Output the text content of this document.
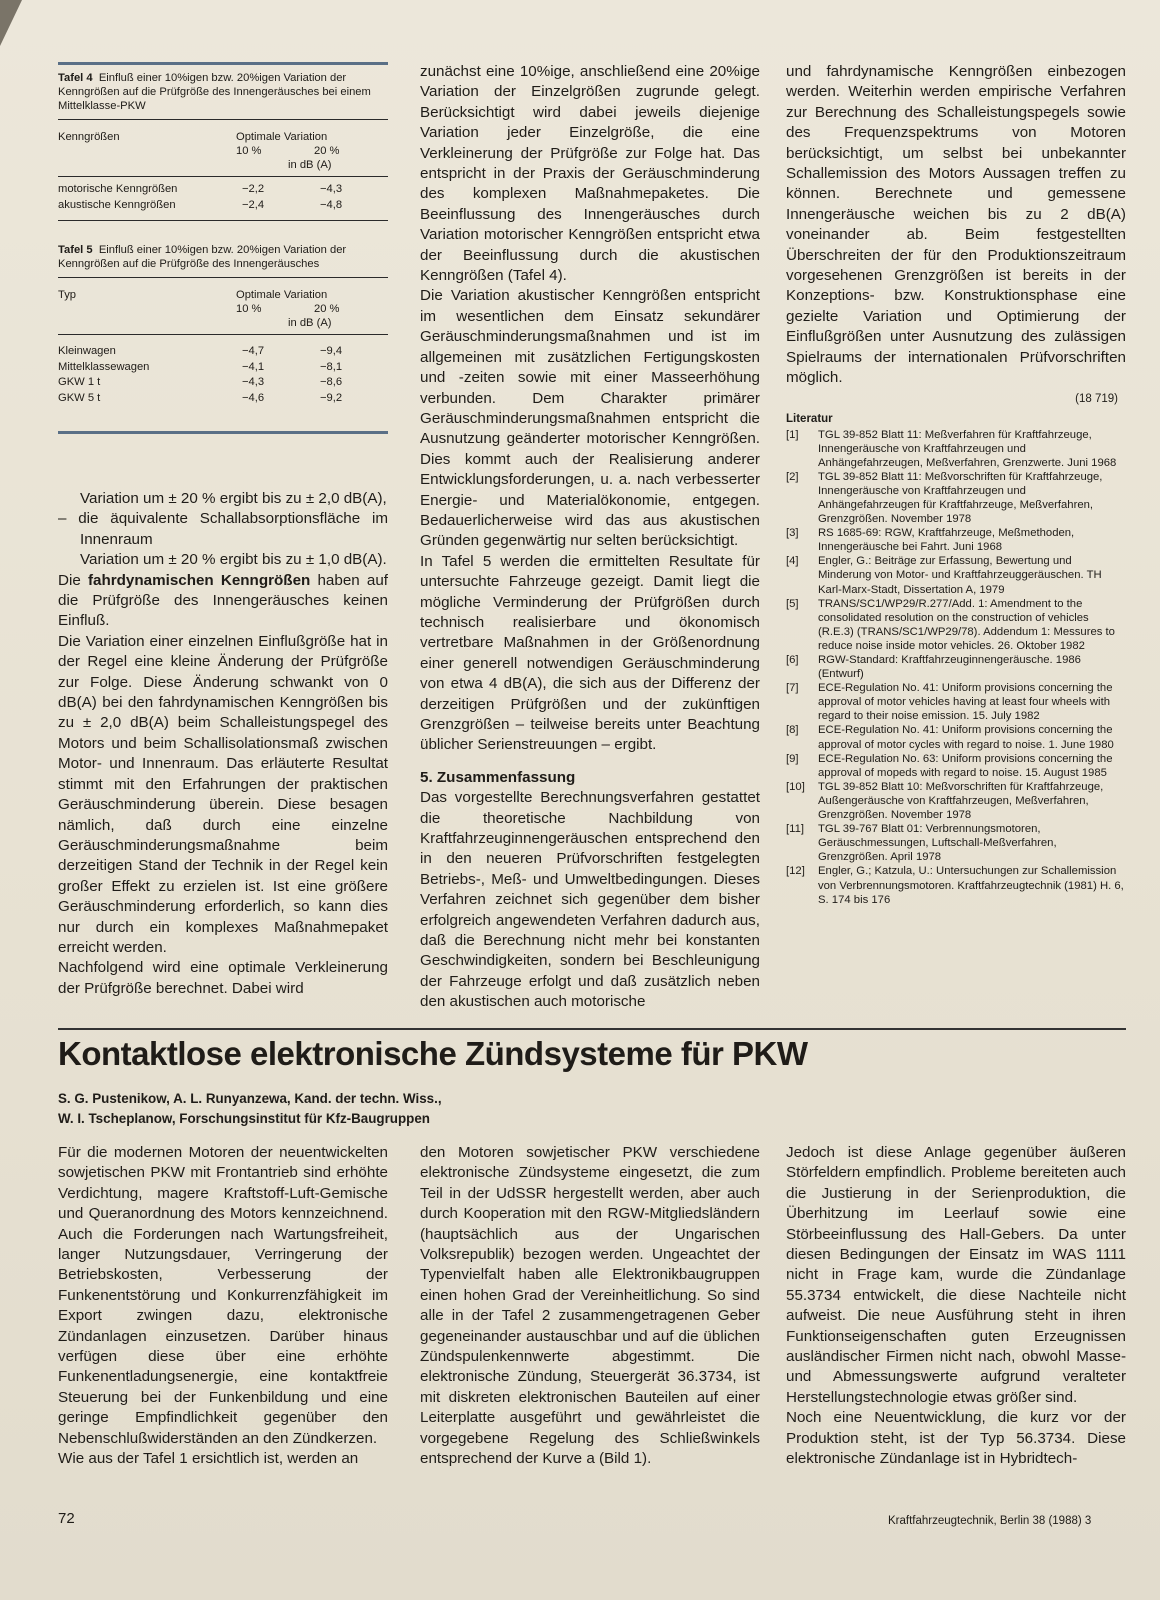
Tafel 4 Einfluß einer 10%igen bzw. 20%igen Variation der Kenngrößen auf die Prüfgröße des Innengeräusches bei einem Mittelklasse-PKW

Kenngrößen	Optimale Variation
10 %	20 %
in dB (A)
motorische Kenngrößen	−2,2	−4,3
akustische Kenngrößen	−2,4	−4,8

Tafel 5 Einfluß einer 10%igen bzw. 20%igen Variation der Kenngrößen auf die Prüfgröße des Innengeräusches

Typ	Optimale Variation
10 %	20 %
in dB (A)
Kleinwagen	−4,7	−9,4
Mittelklassewagen	−4,1	−8,1
GKW 1 t	−4,3	−8,6
GKW 5 t	−4,6	−9,2

Variation um ± 20 % ergibt bis zu ± 2,0 dB(A),

– die äquivalente Schallabsorptionsfläche im Innenraum

Variation um ± 20 % ergibt bis zu ± 1,0 dB(A).

Die fahrdynamischen Kenngrößen haben auf die Prüfgröße des Innengeräusches keinen Einfluß.

Die Variation einer einzelnen Einflußgröße hat in der Regel eine kleine Änderung der Prüfgröße zur Folge. Diese Änderung schwankt von 0 dB(A) bei den fahrdynamischen Kenngrößen bis zu ± 2,0 dB(A) beim Schalleistungspegel des Motors und beim Schallisolationsmaß zwischen Motor- und Innenraum. Das erläuterte Resultat stimmt mit den Erfahrungen der praktischen Geräuschminderung überein. Diese besagen nämlich, daß durch eine einzelne Geräuschminderungsmaßnahme beim derzeitigen Stand der Technik in der Regel kein großer Effekt zu erzielen ist. Ist eine größere Geräuschminderung erforderlich, so kann dies nur durch ein komplexes Maßnahmepaket erreicht werden.

Nachfolgend wird eine optimale Verkleinerung der Prüfgröße berechnet. Dabei wird

zunächst eine 10%ige, anschließend eine 20%ige Variation der Einzelgrößen zugrunde gelegt. Berücksichtigt wird dabei jeweils diejenige Variation jeder Einzelgröße, die eine Verkleinerung der Prüfgröße zur Folge hat. Das entspricht in der Praxis der Geräuschminderung des komplexen Maßnahmepaketes. Die Beeinflussung des Innengeräusches durch Variation motorischer Kenngrößen entspricht etwa der Beeinflussung durch die akustischen Kenngrößen (Tafel 4).

Die Variation akustischer Kenngrößen entspricht im wesentlichen dem Einsatz sekundärer Geräuschminderungsmaßnahmen und ist im allgemeinen mit zusätzlichen Fertigungskosten und -zeiten sowie mit einer Masseerhöhung verbunden. Dem Charakter primärer Geräuschminderungsmaßnahmen entspricht die Ausnutzung geänderter motorischer Kenngrößen. Dies kommt auch der Realisierung anderer Entwicklungsforderungen, u. a. nach verbesserter Energie- und Materialökonomie, entgegen. Bedauerlicherweise wird das aus akustischen Gründen gegenwärtig nur selten berücksichtigt.

In Tafel 5 werden die ermittelten Resultate für untersuchte Fahrzeuge gezeigt. Damit liegt die mögliche Verminderung der Prüfgrößen durch technisch realisierbare und ökonomisch vertretbare Maßnahmen in der Größenordnung einer generell notwendigen Geräuschminderung von etwa 4 dB(A), die sich aus der Differenz der derzeitigen Prüfgrößen und der zukünftigen Grenzgrößen – teilweise bereits unter Beachtung üblicher Serienstreuungen – ergibt.

5. Zusammenfassung

Das vorgestellte Berechnungsverfahren gestattet die theoretische Nachbildung von Kraftfahrzeuginnengeräuschen entsprechend den in den neueren Prüfvorschriften festgelegten Betriebs-, Meß- und Umweltbedingungen. Dieses Verfahren zeichnet sich gegenüber dem bisher erfolgreich angewendeten Verfahren dadurch aus, daß die Berechnung nicht mehr bei konstanten Geschwindigkeiten, sondern bei Beschleunigung der Fahrzeuge erfolgt und daß zusätzlich neben den akustischen auch motorische

und fahrdynamische Kenngrößen einbezogen werden. Weiterhin werden empirische Verfahren zur Berechnung des Schalleistungspegels sowie des Frequenzspektrums von Motoren berücksichtigt, um selbst bei unbekannter Schallemission des Motors Aussagen treffen zu können. Berechnete und gemessene Innengeräusche weichen bis zu 2 dB(A) voneinander ab. Beim festgestellten Überschreiten der für den Produktionszeitraum vorgesehenen Grenzgrößen ist bereits in der Konzeptions- bzw. Konstruktionsphase eine gezielte Variation und Optimierung der Einflußgrößen unter Ausnutzung des zulässigen Spielraums der internationalen Prüfvorschriften möglich.

(18 719)

Literatur

[1] TGL 39-852 Blatt 11: Meßverfahren für Kraftfahrzeuge, Innengeräusche von Kraftfahrzeugen und Anhängefahrzeugen, Meßverfahren, Grenzwerte. Juni 1968
[2] TGL 39-852 Blatt 11: Meßvorschriften für Kraftfahrzeuge, Innengeräusche von Kraftfahrzeugen und Anhängefahrzeugen für Kraftfahrzeuge, Meßverfahren, Grenzgrößen. November 1978
[3] RS 1685-69: RGW, Kraftfahrzeuge, Meßmethoden, Innengeräusche bei Fahrt. Juni 1968
[4] Engler, G.: Beiträge zur Erfassung, Bewertung und Minderung von Motor- und Kraftfahrzeuggeräuschen. TH Karl-Marx-Stadt, Dissertation A, 1979
[5] TRANS/SC1/WP29/R.277/Add. 1: Amendment to the consolidated resolution on the construction of vehicles (R.E.3) (TRANS/SC1/WP29/78). Addendum 1: Messures to reduce noise inside motor vehicles. 26. Oktober 1982
[6] RGW-Standard: Kraftfahrzeuginnengeräusche. 1986 (Entwurf)
[7] ECE-Regulation No. 41: Uniform provisions concerning the approval of motor vehicles having at least four wheels with regard to their noise emission. 15. July 1982
[8] ECE-Regulation No. 41: Uniform provisions concerning the approval of motor cycles with regard to noise. 1. June 1980
[9] ECE-Regulation No. 63: Uniform provisions concerning the approval of mopeds with regard to noise. 15. August 1985
[10] TGL 39-852 Blatt 10: Meßvorschriften für Kraftfahrzeuge, Außengeräusche von Kraftfahrzeugen, Meßverfahren, Grenzgrößen. November 1978
[11] TGL 39-767 Blatt 01: Verbrennungsmotoren, Geräuschmessungen, Luftschall-Meßverfahren, Grenzgrößen. April 1978
[12] Engler, G.; Katzula, U.: Untersuchungen zur Schallemission von Verbrennungsmotoren. Kraftfahrzeugtechnik (1981) H. 6, S. 174 bis 176
Kontaktlose elektronische Zündsysteme für PKW
S. G. Pustenikow, A. L. Runyanzewa, Kand. der techn. Wiss.,
W. I. Tscheplanow, Forschungsinstitut für Kfz-Baugruppen

Für die modernen Motoren der neuentwickelten sowjetischen PKW mit Frontantrieb sind erhöhte Verdichtung, magere Kraftstoff-Luft-Gemische und Queranordnung des Motors kennzeichnend. Auch die Forderungen nach Wartungsfreiheit, langer Nutzungsdauer, Verringerung der Betriebskosten, Verbesserung der Funkenentstörung und Konkurrenzfähigkeit im Export zwingen dazu, elektronische Zündanlagen einzusetzen. Darüber hinaus verfügen diese über eine erhöhte Funkenentladungsenergie, eine kontaktfreie Steuerung bei der Funkenbildung und eine geringe Empfindlichkeit gegenüber den Nebenschlußwiderständen an den Zündkerzen.

Wie aus der Tafel 1 ersichtlich ist, werden an

den Motoren sowjetischer PKW verschiedene elektronische Zündsysteme eingesetzt, die zum Teil in der UdSSR hergestellt werden, aber auch durch Kooperation mit den RGW-Mitgliedsländern (hauptsächlich aus der Ungarischen Volksrepublik) bezogen werden. Ungeachtet der Typenvielfalt haben alle Elektronikbaugruppen einen hohen Grad der Vereinheitlichung. So sind alle in der Tafel 2 zusammengetragenen Geber gegeneinander austauschbar und auf die üblichen Zündspulenkennwerte abgestimmt. Die elektronische Zündung, Steuergerät 36.3734, ist mit diskreten elektronischen Bauteilen auf einer Leiterplatte ausgeführt und gewährleistet die vorgegebene Regelung des Schließwinkels entsprechend der Kurve a (Bild 1).

Jedoch ist diese Anlage gegenüber äußeren Störfeldern empfindlich. Probleme bereiteten auch die Justierung in der Serienproduktion, die Überhitzung im Leerlauf sowie eine Störbeeinflussung des Hall-Gebers. Da unter diesen Bedingungen der Einsatz im WAS 1111 nicht in Frage kam, wurde die Zündanlage 55.3734 entwickelt, die diese Nachteile nicht aufweist. Die neue Ausführung steht in ihren Funktionseigenschaften guten Erzeugnissen ausländischer Firmen nicht nach, obwohl Masse- und Abmessungswerte aufgrund veralteter Herstellungstechnologie etwas größer sind.

Noch eine Neuentwicklung, die kurz vor der Produktion steht, ist der Typ 56.3734. Diese elektronische Zündanlage ist in Hybridtech-

72	Kraftfahrzeugtechnik, Berlin 38 (1988) 3
